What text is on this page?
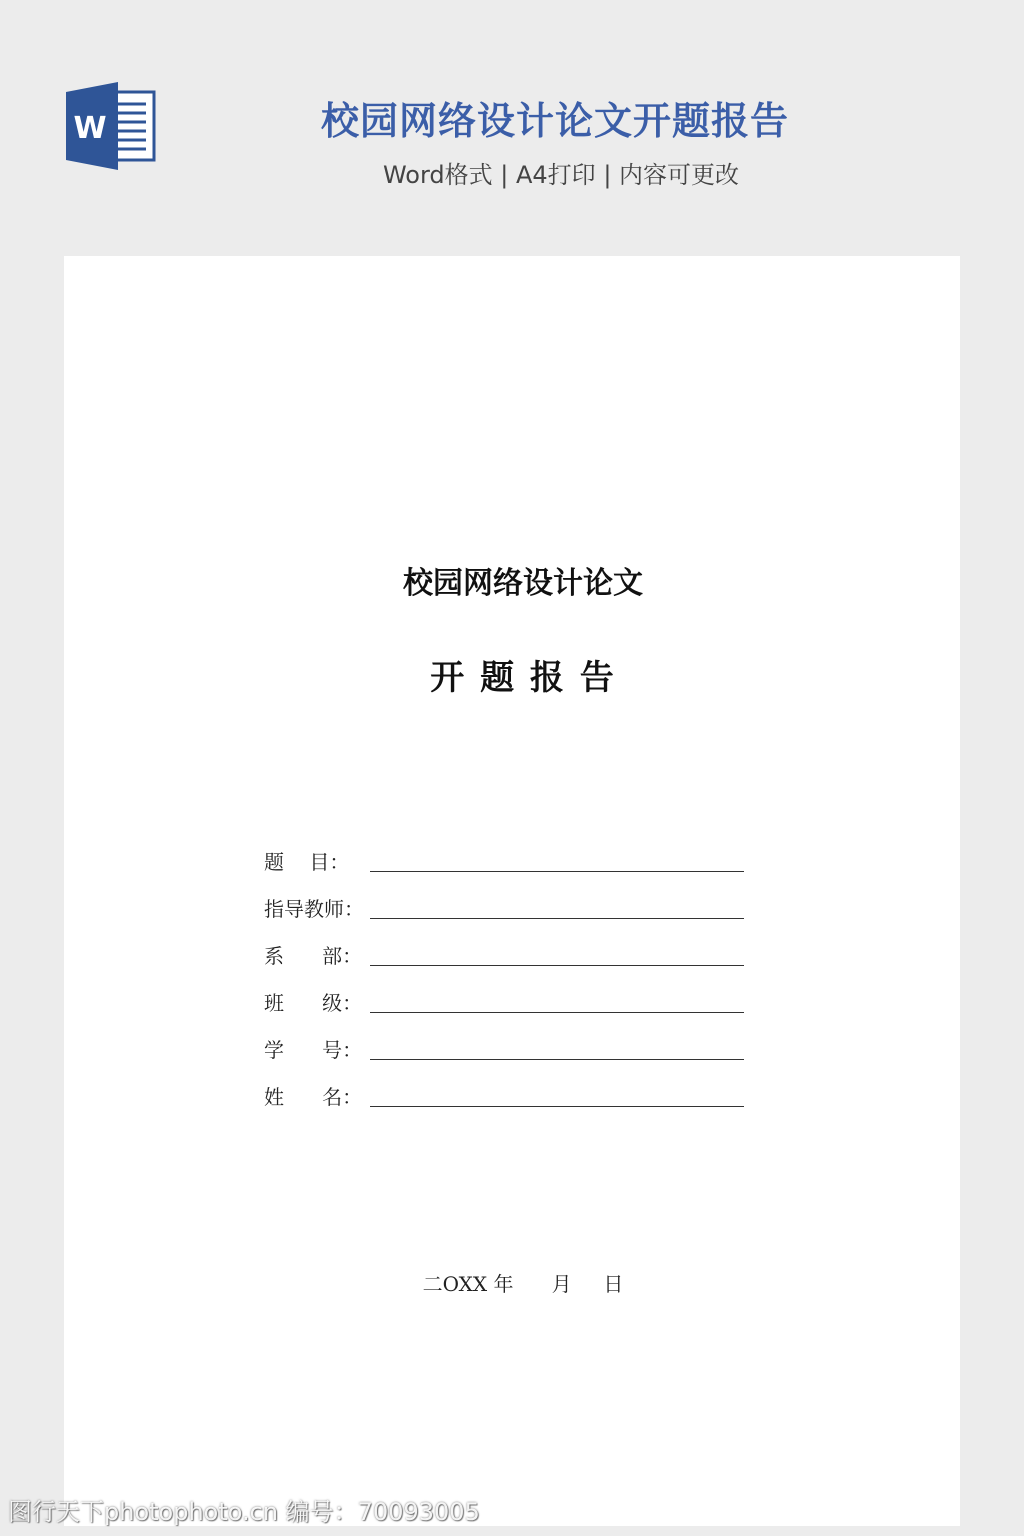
W	校园网络设计论文开题报告
Word格式 | A4打印 | 内容可更改
校园网络设计论文
开 题 报 告
题    目：
指导教师：
系      部：
班      级：
学      号：
姓      名：
二OXX 年      月     日
图行天下photophoto.cn 编号：70093005
